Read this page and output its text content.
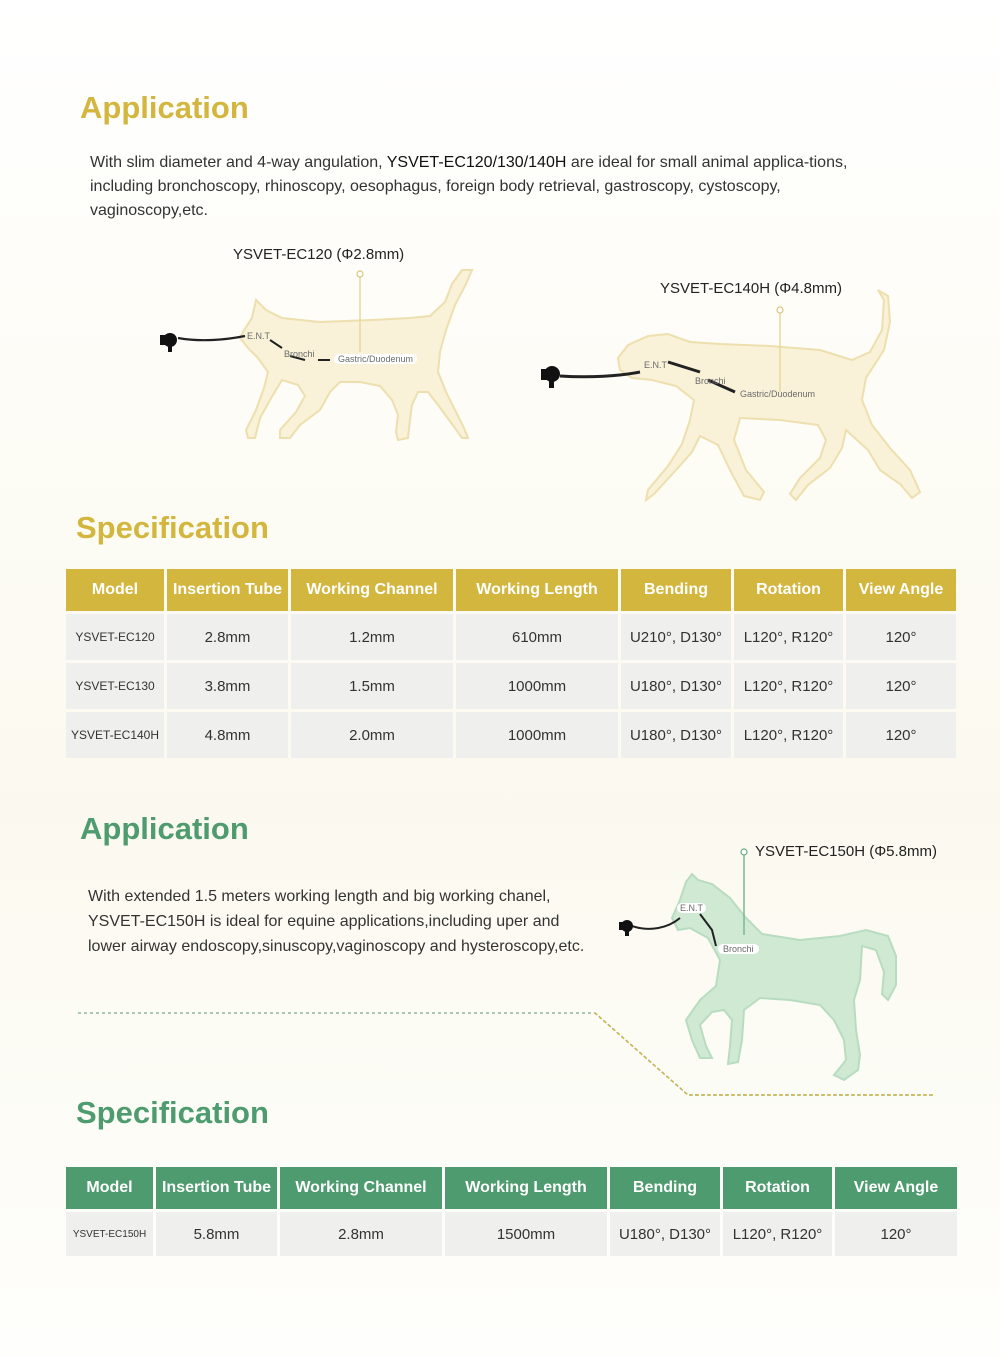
Application

With slim diameter and 4-way angulation, YSVET-EC120/130/140H are ideal for small animal applica-tions, including bronchoscopy, rhinoscopy, oesophagus, foreign body retrieval, gastroscopy, cystoscopy, vaginoscopy,etc.

YSVET-EC120 (Φ2.8mm)
YSVET-EC140H (Φ4.8mm)
YSVET-EC150H (Φ5.8mm)
E.N.T
Bronchi	Gastric/Duodenum
E.N.T
Bronchi
Gastric/Duodenum
E.N.T
Bronchi
Specification
Model	Insertion Tube	Working Channel	Working Length	Bending	Rotation	View Angle
YSVET-EC120	2.8mm	1.2mm	610mm	U210°, D130°	L120°, R120°	120°
YSVET-EC130	3.8mm	1.5mm	1000mm	U180°, D130°	L120°, R120°	120°
YSVET-EC140H	4.8mm	2.0mm	1000mm	U180°, D130°	L120°, R120°	120°
Application
With extended 1.5 meters working length and big working chanel,
YSVET-EC150H is ideal for equine applications,including uper and
lower airway endoscopy,sinuscopy,vaginoscopy and hysteroscopy,etc.
Specification
Model	Insertion Tube	Working Channel	Working Length	Bending	Rotation	View Angle
YSVET-EC150H	5.8mm	2.8mm	1500mm	U180°, D130°	L120°, R120°	120°
